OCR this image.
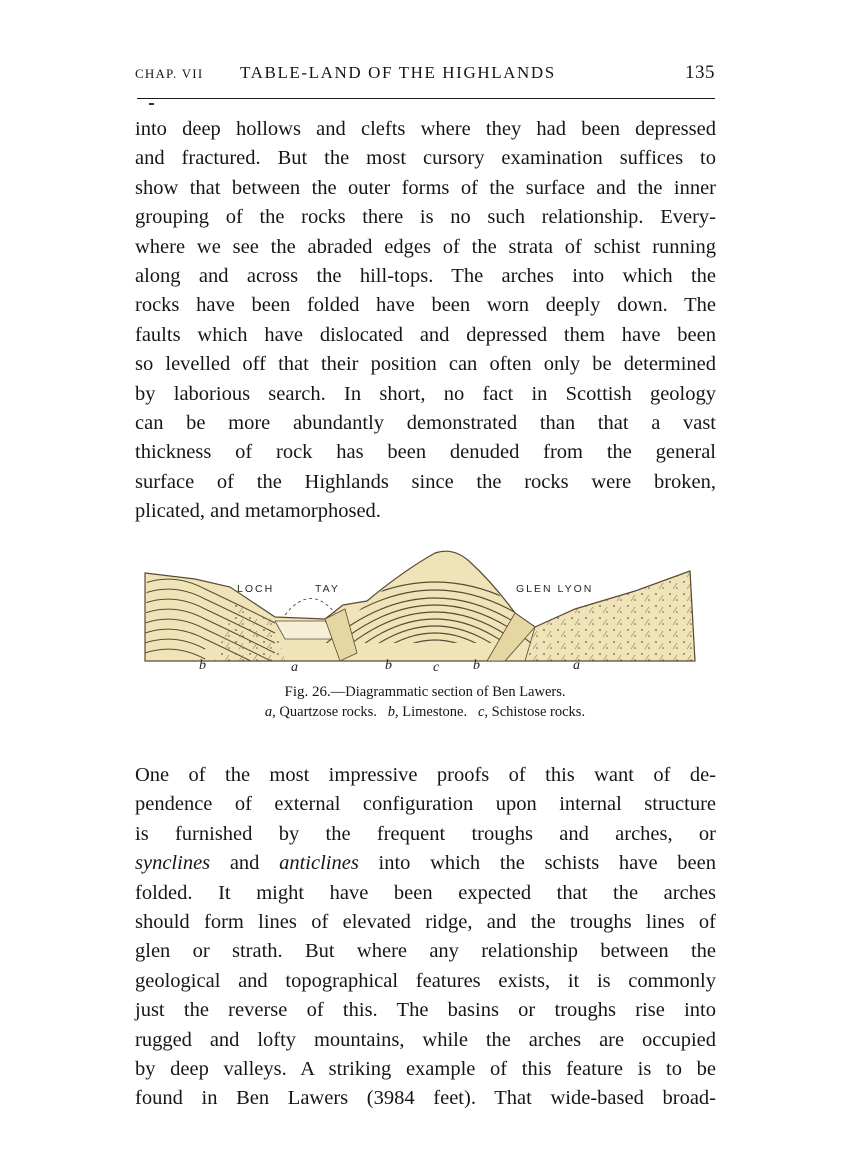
CHAP. VII	TABLE-LAND OF THE HIGHLANDS	135

into deep hollows and clefts where they had been depressed
and fractured. But the most cursory examination suffices to
show that between the outer forms of the surface and the inner
grouping of the rocks there is no such relationship. Every-
where we see the abraded edges of the strata of schist running
along and across the hill-tops. The arches into which the
rocks have been folded have been worn deeply down. The
faults which have dislocated and depressed them have been
so levelled off that their position can often only be determined
by laborious search. In short, no fact in Scottish geology
can be more abundantly demonstrated than that a vast
thickness of rock has been denuded from the general
surface of the Highlands since the rocks were broken,
plicated, and metamorphosed.

LOCH	TAY	GLEN LYON
b	a	b	c b	a

Fig. 26.—Diagrammatic section of Ben Lawers.

a, Quartzose rocks. b, Limestone. c, Schistose rocks.

One of the most impressive proofs of this want of de-
pendence of external configuration upon internal structure
is furnished by the frequent troughs and arches, or
synclines and anticlines into which the schists have been
folded. It might have been expected that the arches
should form lines of elevated ridge, and the troughs lines of
glen or strath. But where any relationship between the
geological and topographical features exists, it is commonly
just the reverse of this. The basins or troughs rise into
rugged and lofty mountains, while the arches are occupied
by deep valleys. A striking example of this feature is to be
found in Ben Lawers (3984 feet). That wide-based broad-
